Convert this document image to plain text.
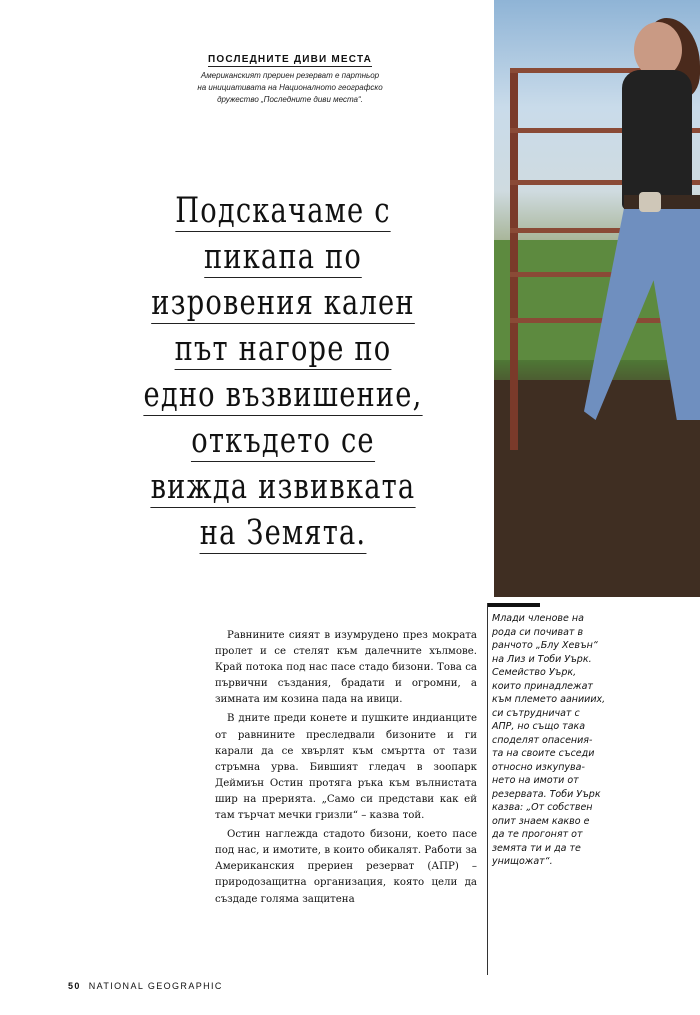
ПОСЛЕДНИТЕ ДИВИ МЕСТА
Американският прериен резерват е партньор
на инициативата на Националното географско
дружество „Последните диви места“.
Подскачаме с
пикапа по
изровения кален
път нагоре по
едно възвишение,
откъдето се
вижда извивката
на Земята.
Млади членове на
рода си почиват в
ранчото „Блу Хевън“
на Лиз и Тоби Уърк.
Семейство Уърк,
които принадлежат
към племето аанииих,
си сътрудничат с
АПР, но също така
споделят опасения-
та на своите съседи
относно изкупува-
нето на имоти от
резервата. Тоби Уърк
казва: „От собствен
опит знаем какво е
да те прогонят от
земята ти и да те
унищожат“.

Равнините сияят в изумрудено през мократа пролет и се стелят към далечните хълмове. Край потока под нас пасе стадо бизони. Това са първични създания, брадати и огромни, а зимната им козина пада на ивици.

В дните преди конете и пушките индианците от равнините преследвали бизоните и ги карали да се хвърлят към смъртта от тази стръмна урва. Бившият гледач в зоопарк Деймиън Остин протяга ръка към вълнистата шир на прерията. „Само си представи как ей там търчат мечки гризли“ – казва той.

Остин наглежда стадото бизони, което пасе под нас, и имотите, в които обикалят. Работи за Американския прериен резерват (АПР) – природозащитна организация, която цели да създаде голяма защитена

50 NATIONAL GEOGRAPHIC
